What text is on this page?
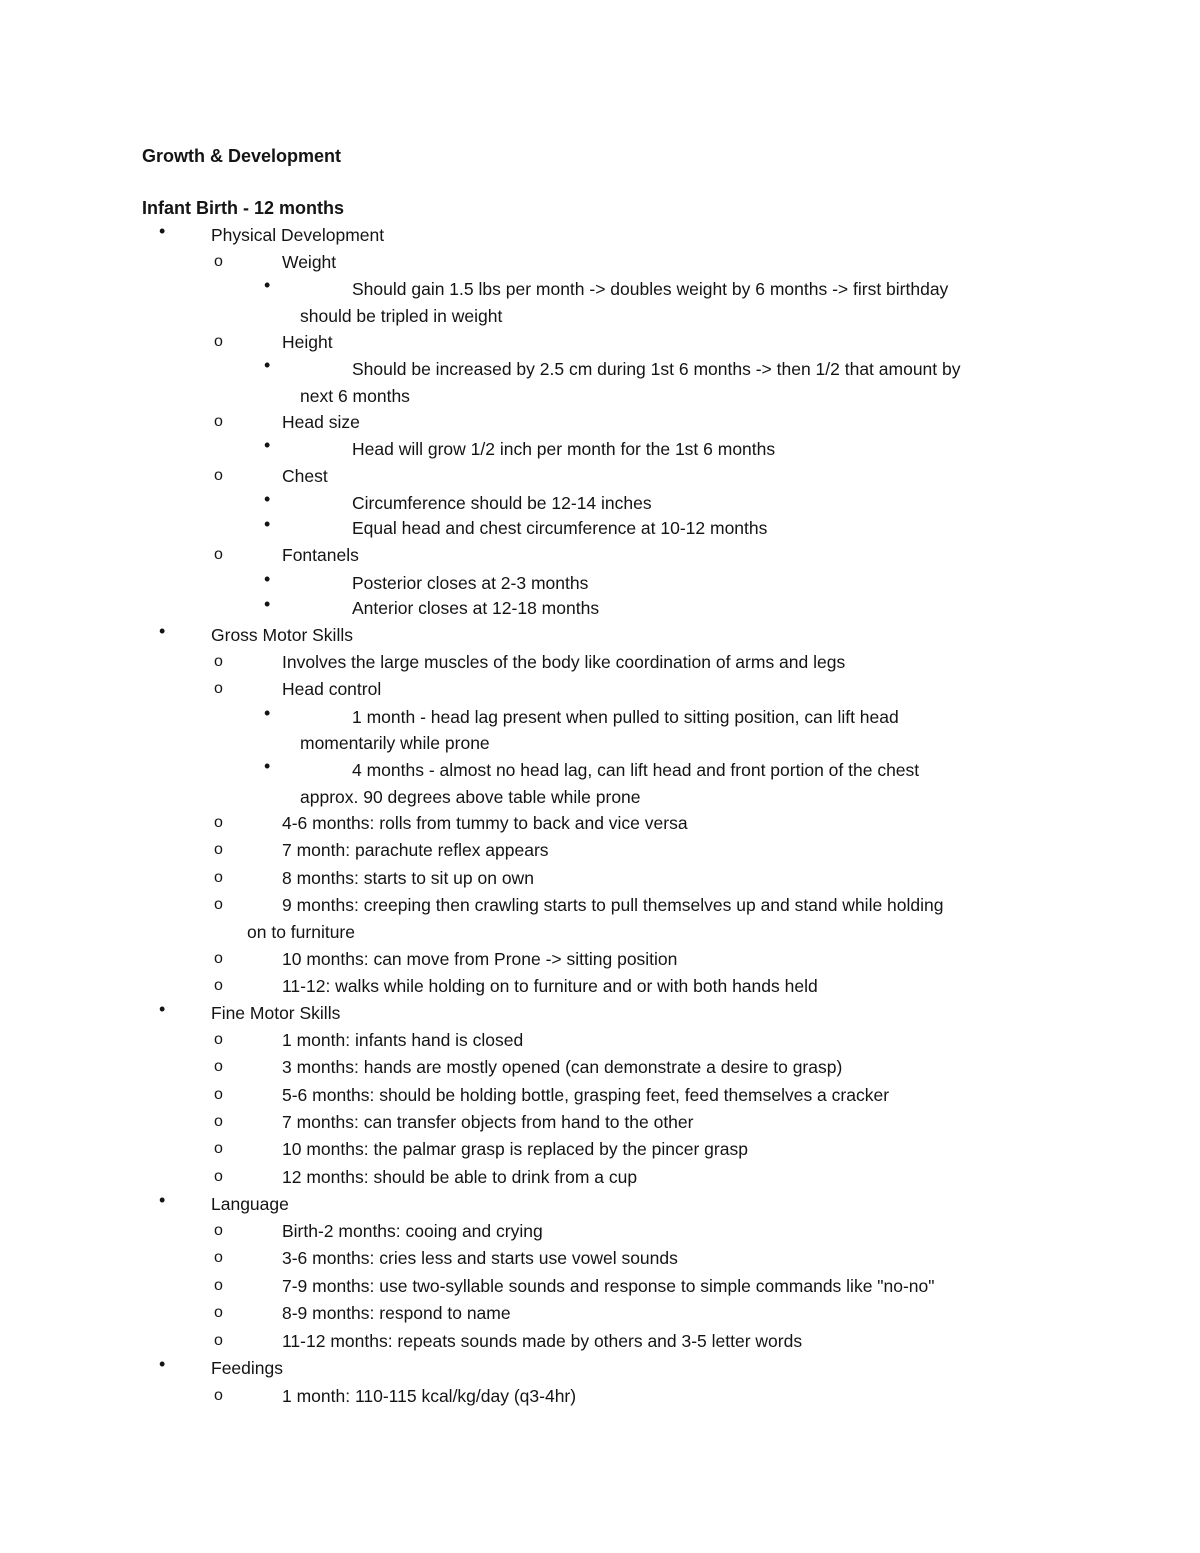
Growth & Development
Infant Birth - 12 months
•	Physical Development
o	Weight
•	Should gain 1.5 lbs per month -> doubles weight by 6 months -> first birthday
should be tripled in weight
o	Height
•	Should be increased by 2.5 cm during 1st 6 months -> then 1/2 that amount by
next 6 months
o	Head size
•	Head will grow 1/2 inch per month for the 1st 6 months
o	Chest
•	Circumference should be 12-14 inches
•	Equal head and chest circumference at 10-12 months
o	Fontanels
•	Posterior closes at 2-3 months
•	Anterior closes at 12-18 months
•	Gross Motor Skills
o	Involves the large muscles of the body like coordination of arms and legs
o	Head control
•	1 month - head lag present when pulled to sitting position, can lift head
momentarily while prone
•	4 months - almost no head lag, can lift head and front portion of the chest
approx. 90 degrees above table while prone
o	4-6 months: rolls from tummy to back and vice versa
o	7 month: parachute reflex appears
o	8 months: starts to sit up on own
o	9 months: creeping then crawling starts to pull themselves up and stand while holding
on to furniture
o	10 months: can move from Prone -> sitting position
o	11-12: walks while holding on to furniture and or with both hands held
•	Fine Motor Skills
o	1 month: infants hand is closed
o	3 months: hands are mostly opened (can demonstrate a desire to grasp)
o	5-6 months: should be holding bottle, grasping feet, feed themselves a cracker
o	7 months: can transfer objects from hand to the other
o	10 months: the palmar grasp is replaced by the pincer grasp
o	12 months: should be able to drink from a cup
•	Language
o	Birth-2 months: cooing and crying
o	3-6 months: cries less and starts use vowel sounds
o	7-9 months: use two-syllable sounds and response to simple commands like "no-no"
o	8-9 months: respond to name
o	11-12 months: repeats sounds made by others and 3-5 letter words
•	Feedings
o	1 month: 110-115 kcal/kg/day (q3-4hr)
